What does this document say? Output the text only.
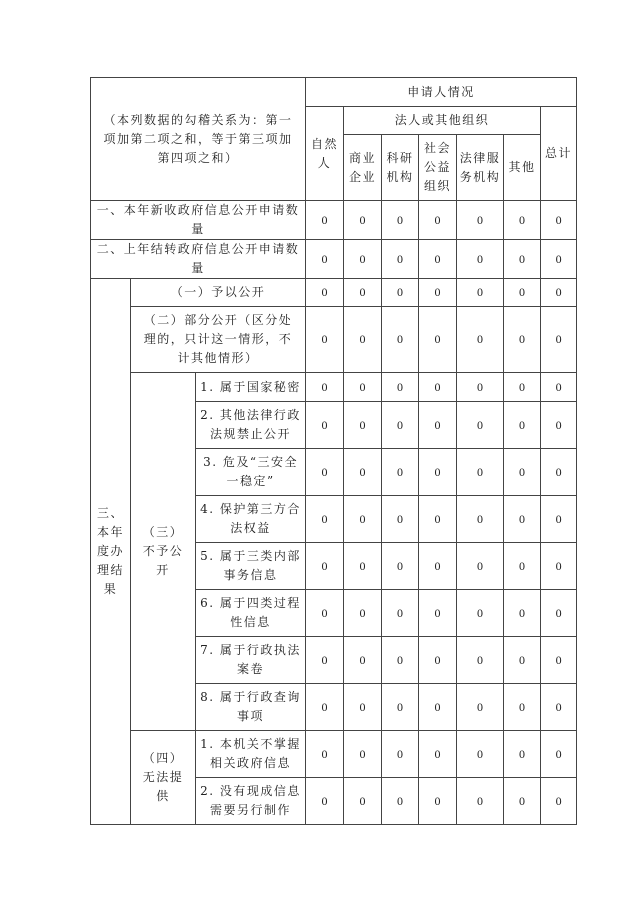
（本列数据的勾稽关系为：第一项加第二项之和，等于第三项加第四项之和）			申请人情况						
			自然人	法人或其他组织					总计
				商业企业	科研机构	社会公益组织	法律服务机构	其他	
一、本年新收政府信息公开申请数量			0	0	0	0	0	0	0
二、上年结转政府信息公开申请数量			0	0	0	0	0	0	0
三、本年度办理结果	（一）予以公开		0	0	0	0	0	0	0
	（二）部分公开（区分处理的，只计这一情形，不计其他情形）		0	0	0	0	0	0	0
	（三）不予公开	1. 属于国家秘密	0	0	0	0	0	0	0
		2. 其他法律行政法规禁止公开	0	0	0	0	0	0	0
		3. 危及“三安全一稳定”	0	0	0	0	0	0	0
		4. 保护第三方合法权益	0	0	0	0	0	0	0
		5. 属于三类内部事务信息	0	0	0	0	0	0	0
		6. 属于四类过程性信息	0	0	0	0	0	0	0
		7. 属于行政执法案卷	0	0	0	0	0	0	0
		8. 属于行政查询事项	0	0	0	0	0	0	0
	（四）无法提供	1. 本机关不掌握相关政府信息	0	0	0	0	0	0	0
		2. 没有现成信息需要另行制作	0	0	0	0	0	0	0
